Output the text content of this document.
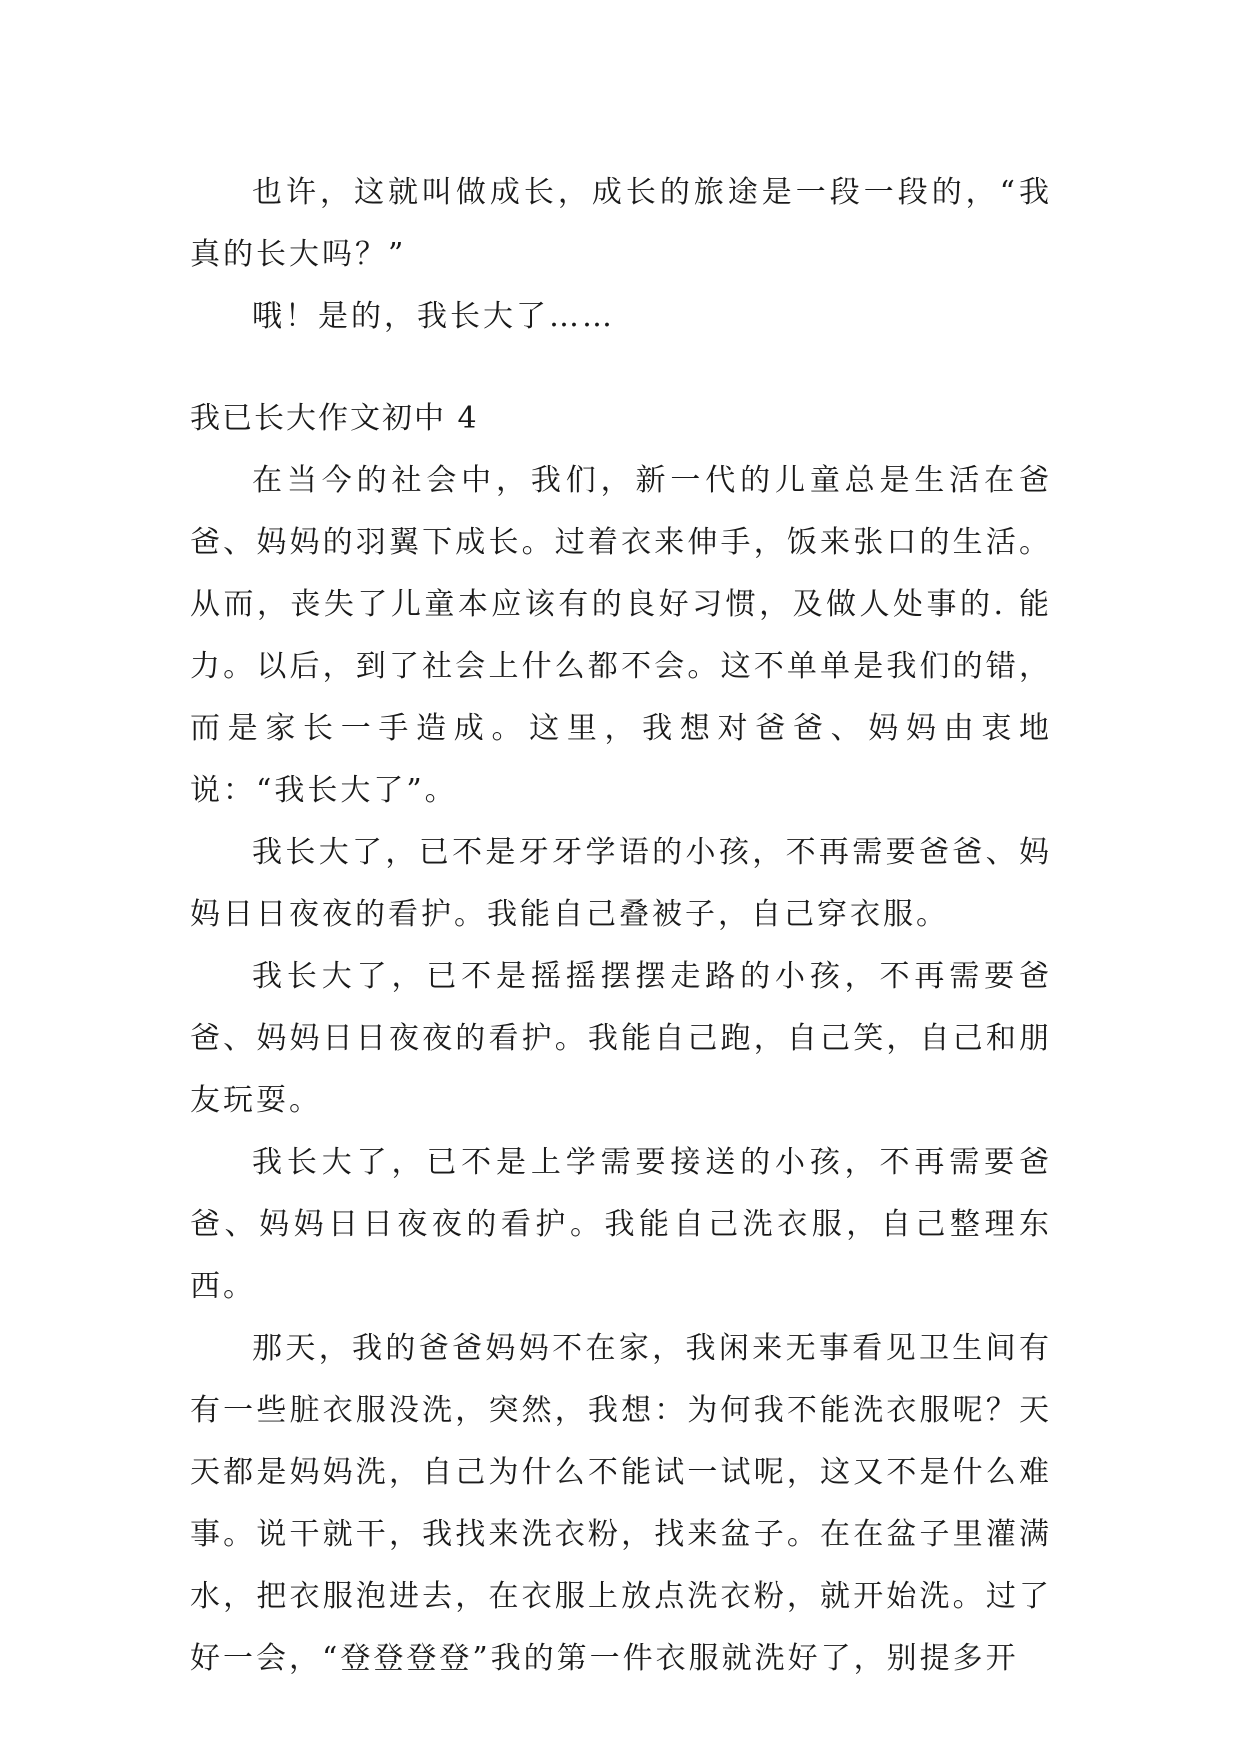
也许，这就叫做成长，成长的旅途是一段一段的，“我真的长大吗？”

哦！是的，我长大了……

我已长大作文初中 4

在当今的社会中，我们，新一代的儿童总是生活在爸爸、妈妈的羽翼下成长。过着衣来伸手，饭来张口的生活。从而，丧失了儿童本应该有的良好习惯，及做人处事的. 能力。以后，到了社会上什么都不会。这不单单是我们的错，而是家长一手造成。这里，我想对爸爸、妈妈由衷地说：“我长大了”。

我长大了，已不是牙牙学语的小孩，不再需要爸爸、妈妈日日夜夜的看护。我能自己叠被子，自己穿衣服。

我长大了，已不是摇摇摆摆走路的小孩，不再需要爸爸、妈妈日日夜夜的看护。我能自己跑，自己笑，自己和朋友玩耍。

我长大了，已不是上学需要接送的小孩，不再需要爸爸、妈妈日日夜夜的看护。我能自己洗衣服，自己整理东西。

那天，我的爸爸妈妈不在家，我闲来无事看见卫生间有有一些脏衣服没洗，突然，我想：为何我不能洗衣服呢？天天都是妈妈洗，自己为什么不能试一试呢，这又不是什么难事。说干就干，我找来洗衣粉，找来盆子。在在盆子里灌满水，把衣服泡进去，在衣服上放点洗衣粉，就开始洗。过了好一会，“登登登登”我的第一件衣服就洗好了，别提多开
